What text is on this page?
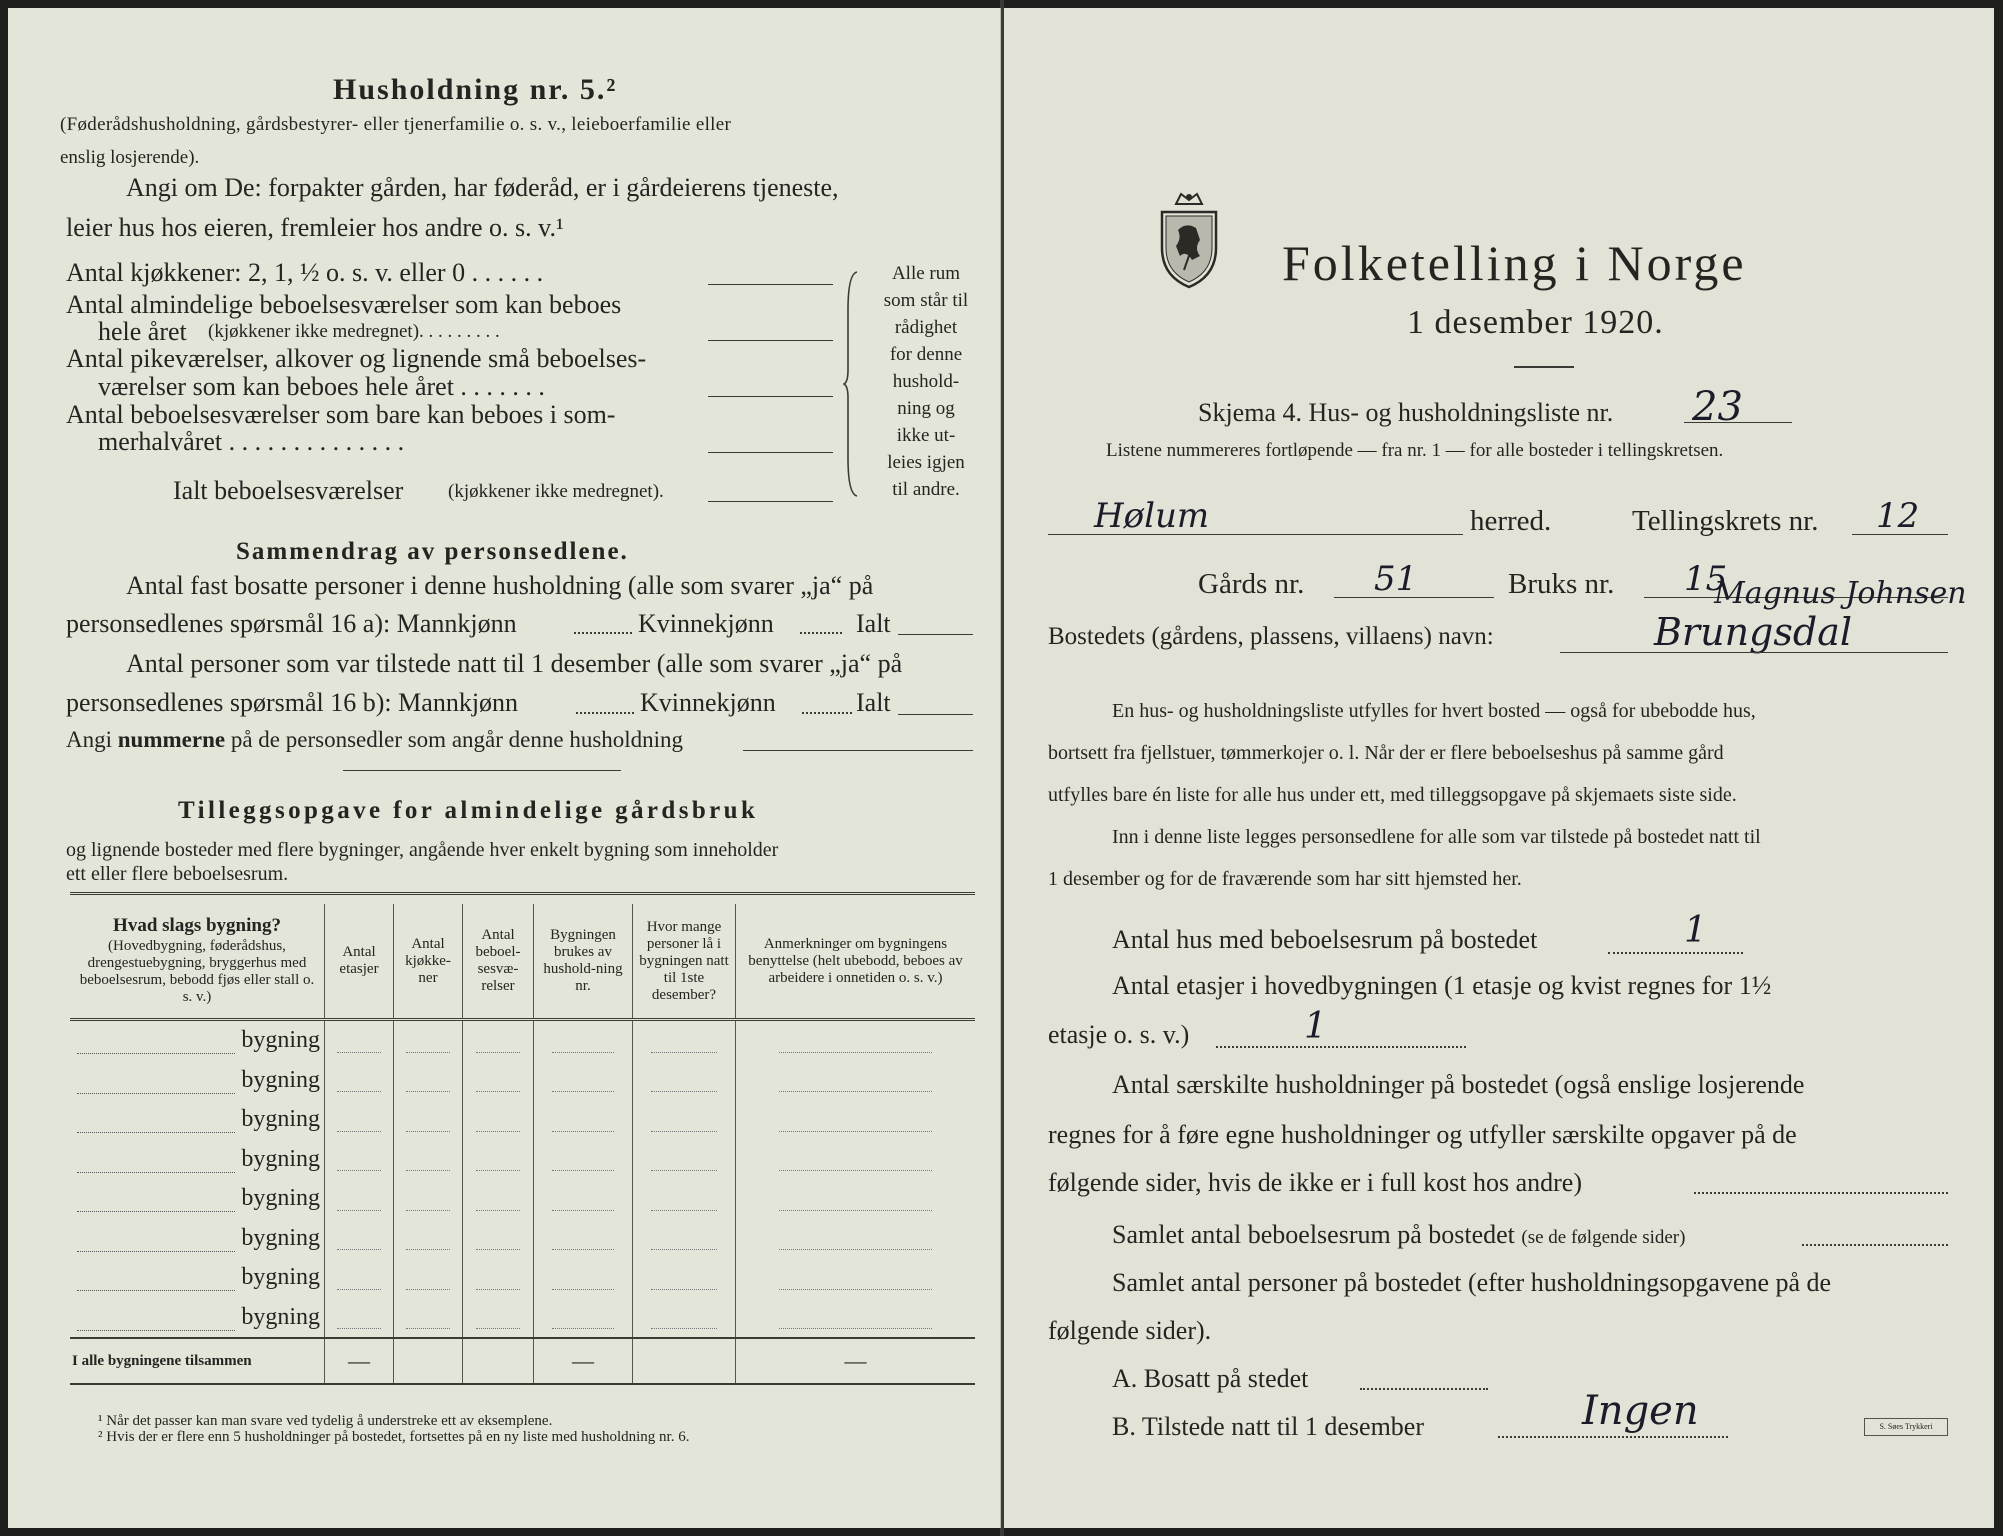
Husholdning nr. 5.²
(Føderådshusholdning, gårdsbestyrer- eller tjenerfamilie o. s. v., leieboerfamilie eller
enslig losjerende).
Angi om De: forpakter gården, har føderåd, er i gårdeierens tjeneste,
leier hus hos eieren, fremleier hos andre o. s. v.¹
Antal kjøkkener: 2, 1, ½ o. s. v. eller 0 . . . . . .
Antal almindelige beboelsesværelser som kan beboes
hele året (kjøkkener ikke medregnet). . . . . . . . .
Antal pikeværelser, alkover og lignende små beboelses-
værelser som kan beboes hele året . . . . . . .
Antal beboelsesværelser som bare kan beboes i som-
merhalvåret . . . . . . . . . . . . . .
Alle rum
som står til
rådighet
for denne
hushold-
ning og
ikke ut-
leies igjen
til andre.
Ialt beboelsesværelser (kjøkkener ikke medregnet).
Sammendrag av personsedlene.
Antal fast bosatte personer i denne husholdning (alle som svarer „ja“ på
personsedlenes spørsmål 16 a): Mannkjønn	Kvinnekjønn	Ialt
Antal personer som var tilstede natt til 1 desember (alle som svarer „ja“ på
personsedlenes spørsmål 16 b): Mannkjønn	Kvinnekjønn	Ialt
Angi nummerne på de personsedler som angår denne husholdning
Tilleggsopgave for almindelige gårdsbruk
og lignende bosteder med flere bygninger, angående hver enkelt bygning som inneholder
ett eller flere beboelsesrum.
Hvad slags bygning?
(Hovedbygning, føderådshus, drengestuebygning, bryggerhus med beboelsesrum, bebodd fjøs eller stall o. s. v.)	Antal etasjer	Antal kjøkke-ner	Antal beboel-sesvæ-relser	Bygningen brukes av hushold-ning nr.	Hvor mange personer lå i bygningen natt til 1ste desember?	Anmerkninger om bygningens benyttelse (helt ubebodd, beboes av arbeidere i onnetiden o. s. v.)
bygning						
bygning						
bygning						
bygning						
bygning						
bygning						
bygning						
bygning						
I alle bygningene tilsammen	—			—		—
¹ Når det passer kan man svare ved tydelig å understreke ett av eksemplene.
² Hvis der er flere enn 5 husholdninger på bostedet, fortsettes på en ny liste med husholdning nr. 6.
Folketelling i Norge
1 desember 1920.
Skjema 4. Hus- og husholdningsliste nr. 23
Listene nummereres fortløpende — fra nr. 1 — for alle bosteder i tellingskretsen.
Hølum	herred.	Tellingskrets nr. 12
Gårds nr. 51	Bruks nr. 15
Magnus Johnsen
Bostedets (gårdens, plassens, villaens) navn:	Brungsdal
En hus- og husholdningsliste utfylles for hvert bosted — også for ubebodde hus,
bortsett fra fjellstuer, tømmerkojer o. l. Når der er flere beboelseshus på samme gård
utfylles bare én liste for alle hus under ett, med tilleggsopgave på skjemaets siste side.
Inn i denne liste legges personsedlene for alle som var tilstede på bostedet natt til
1 desember og for de fraværende som har sitt hjemsted her.
Antal hus med beboelsesrum på bostedet	1
Antal etasjer i hovedbygningen (1 etasje og kvist regnes for 1½
etasje o. s. v.)	1
Antal særskilte husholdninger på bostedet (også enslige losjerende
regnes for å føre egne husholdninger og utfyller særskilte opgaver på de
følgende sider, hvis de ikke er i full kost hos andre)
Samlet antal beboelsesrum på bostedet (se de følgende sider)
Samlet antal personer på bostedet (efter husholdningsopgavene på de
følgende sider).
A. Bosatt på stedet
B. Tilstede natt til 1 desember	Ingen	S. Søes Trykkeri
